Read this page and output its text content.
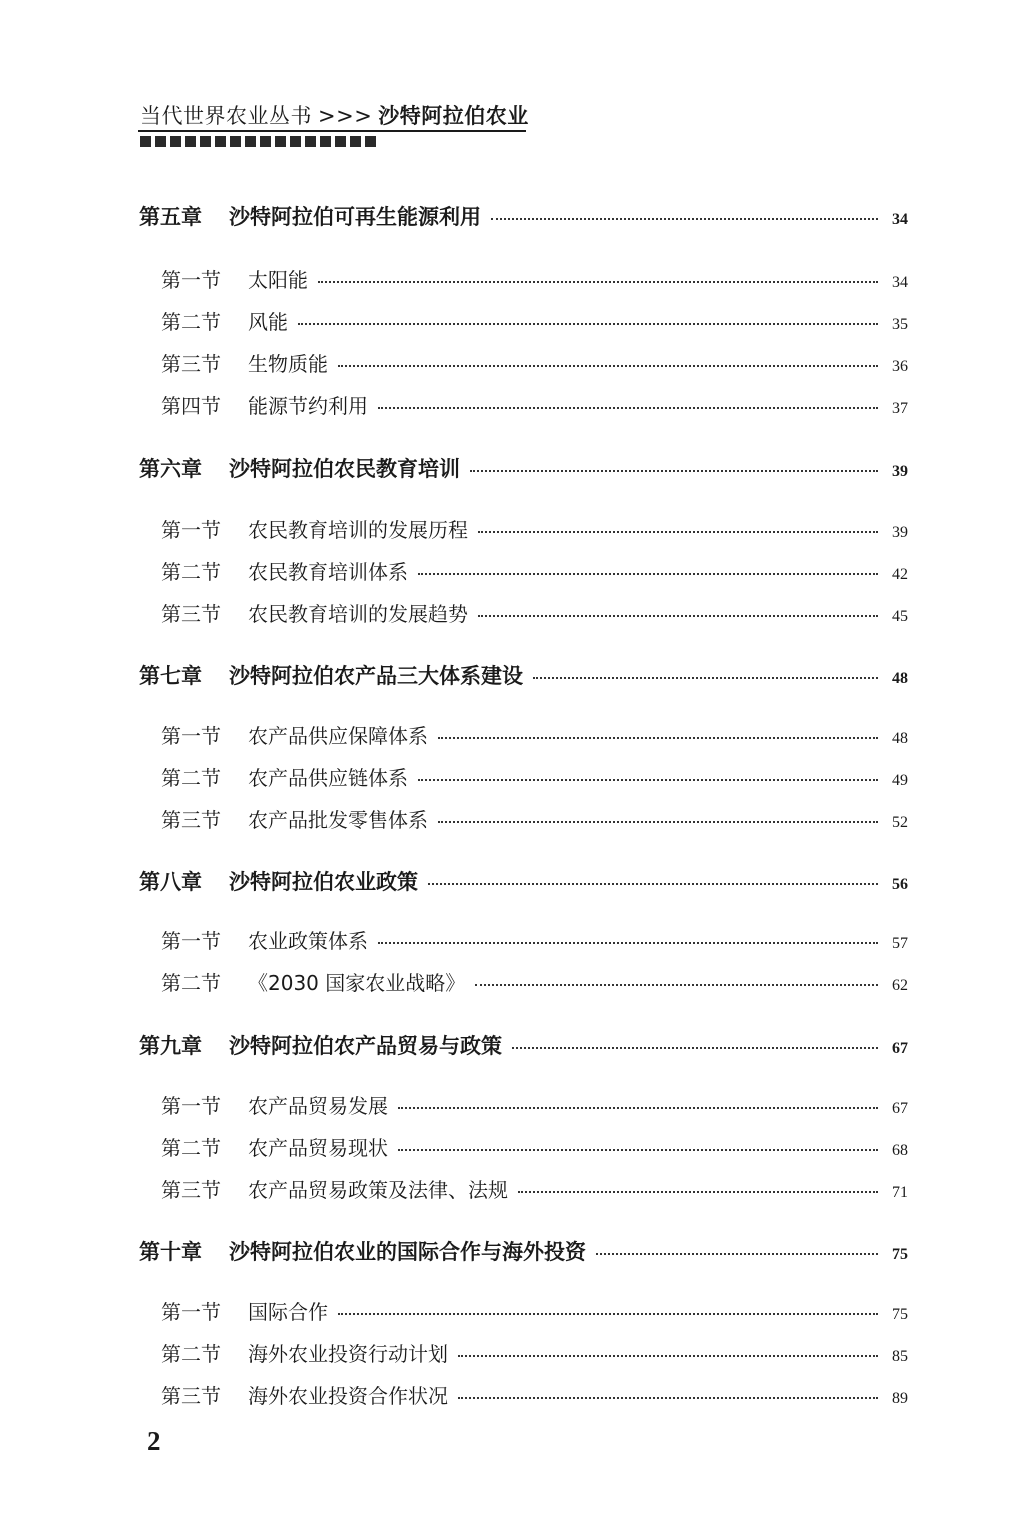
当代世界农业丛书 >>> 沙特阿拉伯农业
第五章	沙特阿拉伯可再生能源利用	34
第一节	太阳能	34
第二节	风能	35
第三节	生物质能	36
第四节	能源节约利用	37
第六章	沙特阿拉伯农民教育培训	39
第一节	农民教育培训的发展历程	39
第二节	农民教育培训体系	42
第三节	农民教育培训的发展趋势	45
第七章	沙特阿拉伯农产品三大体系建设	48
第一节	农产品供应保障体系	48
第二节	农产品供应链体系	49
第三节	农产品批发零售体系	52
第八章	沙特阿拉伯农业政策	56
第一节	农业政策体系	57
第二节	《2030 国家农业战略》	62
第九章	沙特阿拉伯农产品贸易与政策	67
第一节	农产品贸易发展	67
第二节	农产品贸易现状	68
第三节	农产品贸易政策及法律、法规	71
第十章	沙特阿拉伯农业的国际合作与海外投资	75
第一节	国际合作	75
第二节	海外农业投资行动计划	85
第三节	海外农业投资合作状况	89
2
